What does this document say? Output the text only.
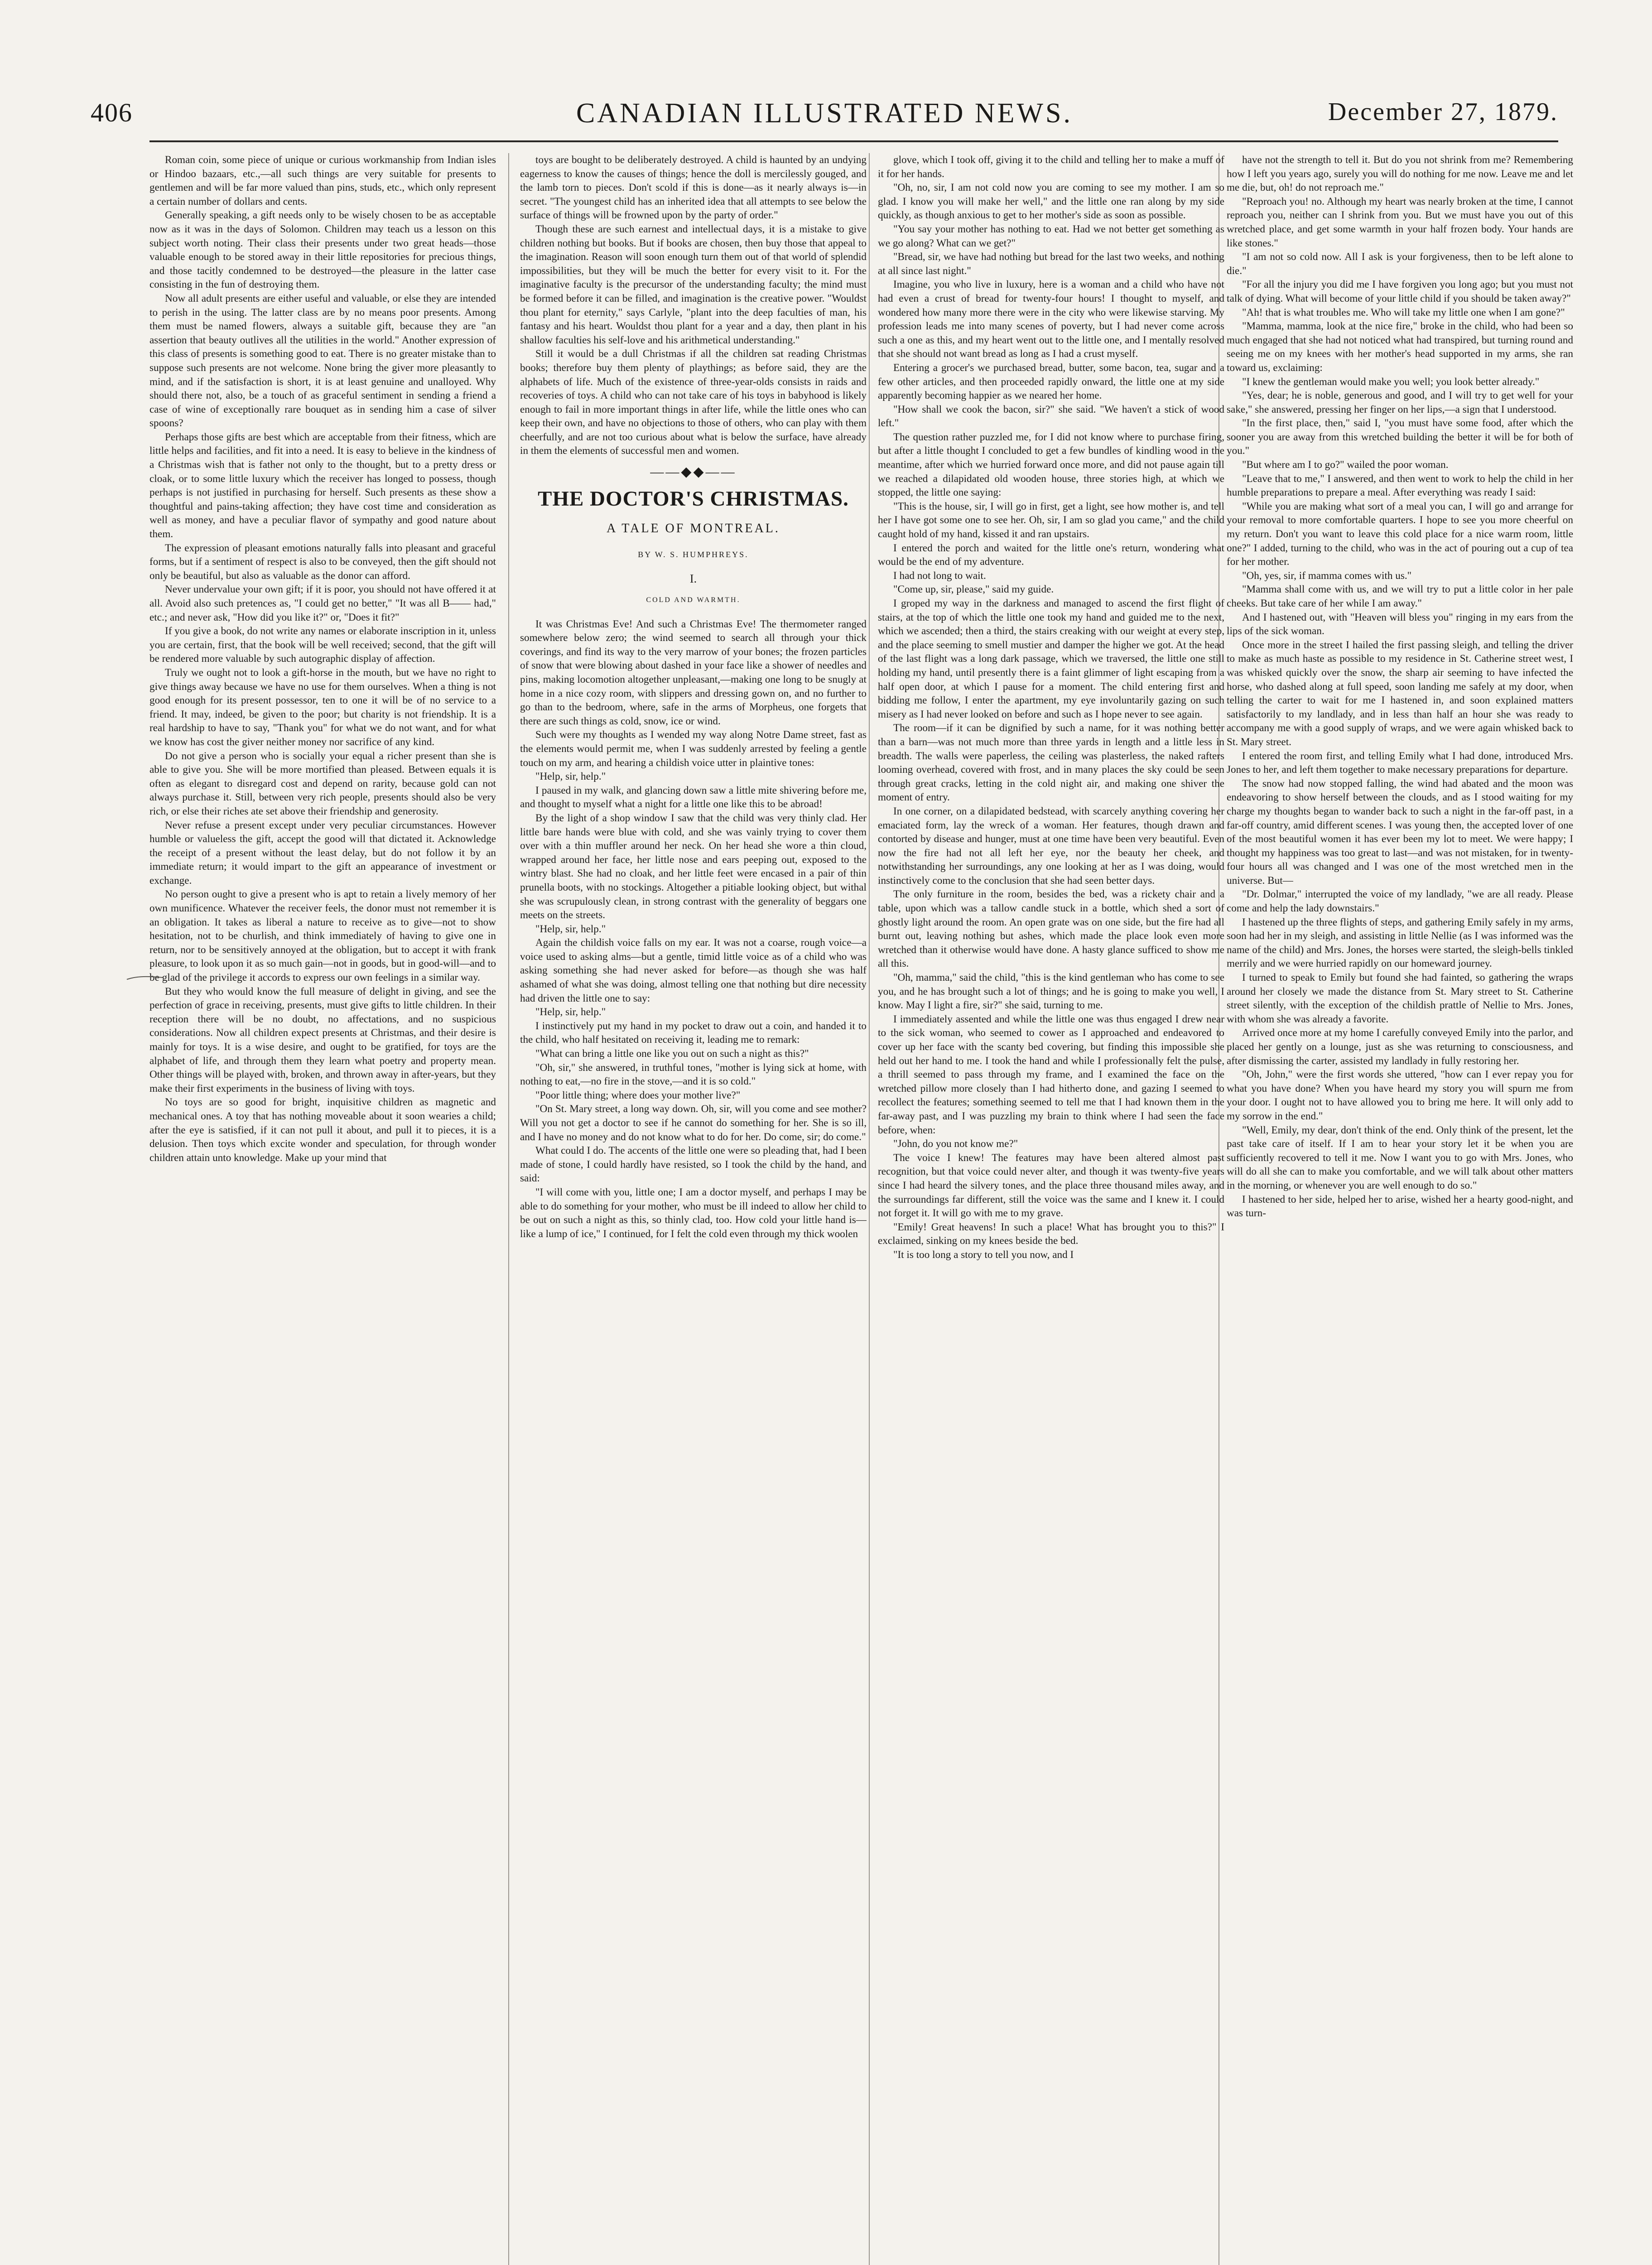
406	CANADIAN ILLUSTRATED NEWS.	December 27, 1879.

Roman coin, some piece of unique or curious workmanship from Indian isles or Hindoo bazaars, etc.,—all such things are very suitable for presents to gentlemen and will be far more valued than pins, studs, etc., which only represent a certain number of dollars and cents.

Generally speaking, a gift needs only to be wisely chosen to be as acceptable now as it was in the days of Solomon. Children may teach us a lesson on this subject worth noting. Their class their presents under two great heads—those valuable enough to be stored away in their little repositories for precious things, and those tacitly condemned to be destroyed—the pleasure in the latter case consisting in the fun of destroying them.

Now all adult presents are either useful and valuable, or else they are intended to perish in the using. The latter class are by no means poor presents. Among them must be named flowers, always a suitable gift, because they are "an assertion that beauty outlives all the utilities in the world." Another expression of this class of presents is something good to eat. There is no greater mistake than to suppose such presents are not welcome. None bring the giver more pleasantly to mind, and if the satisfaction is short, it is at least genuine and unalloyed. Why should there not, also, be a touch of as graceful sentiment in sending a friend a case of wine of exceptionally rare bouquet as in sending him a case of silver spoons?

Perhaps those gifts are best which are acceptable from their fitness, which are little helps and facilities, and fit into a need. It is easy to believe in the kindness of a Christmas wish that is father not only to the thought, but to a pretty dress or cloak, or to some little luxury which the receiver has longed to possess, though perhaps is not justified in purchasing for herself. Such presents as these show a thoughtful and pains-taking affection; they have cost time and consideration as well as money, and have a peculiar flavor of sympathy and good nature about them.

The expression of pleasant emotions naturally falls into pleasant and graceful forms, but if a sentiment of respect is also to be conveyed, then the gift should not only be beautiful, but also as valuable as the donor can afford.

Never undervalue your own gift; if it is poor, you should not have offered it at all. Avoid also such pretences as, "I could get no better," "It was all B—— had," etc.; and never ask, "How did you like it?" or, "Does it fit?"

If you give a book, do not write any names or elaborate inscription in it, unless you are certain, first, that the book will be well received; second, that the gift will be rendered more valuable by such autographic display of affection.

Truly we ought not to look a gift-horse in the mouth, but we have no right to give things away because we have no use for them ourselves. When a thing is not good enough for its present possessor, ten to one it will be of no service to a friend. It may, indeed, be given to the poor; but charity is not friendship. It is a real hardship to have to say, "Thank you" for what we do not want, and for what we know has cost the giver neither money nor sacrifice of any kind.

Do not give a person who is socially your equal a richer present than she is able to give you. She will be more mortified than pleased. Between equals it is often as elegant to disregard cost and depend on rarity, because gold can not always purchase it. Still, between very rich people, presents should also be very rich, or else their riches ate set above their friendship and generosity.

Never refuse a present except under very peculiar circumstances. However humble or valueless the gift, accept the good will that dictated it. Acknowledge the receipt of a present without the least delay, but do not follow it by an immediate return; it would impart to the gift an appearance of investment or exchange.

No person ought to give a present who is apt to retain a lively memory of her own munificence. Whatever the receiver feels, the donor must not remember it is an obligation. It takes as liberal a nature to receive as to give—not to show hesitation, not to be churlish, and think immediately of having to give one in return, nor to be sensitively annoyed at the obligation, but to accept it with frank pleasure, to look upon it as so much gain—not in goods, but in good-will—and to be glad of the privilege it accords to express our own feelings in a similar way.

But they who would know the full measure of delight in giving, and see the perfection of grace in receiving, presents, must give gifts to little children. In their reception there will be no doubt, no affectations, and no suspicious considerations. Now all children expect presents at Christmas, and their desire is mainly for toys. It is a wise desire, and ought to be gratified, for toys are the alphabet of life, and through them they learn what poetry and property mean. Other things will be played with, broken, and thrown away in after-years, but they make their first experiments in the business of living with toys.

No toys are so good for bright, inquisitive children as magnetic and mechanical ones. A toy that has nothing moveable about it soon wearies a child; after the eye is satisfied, if it can not pull it about, and pull it to pieces, it is a delusion. Then toys which excite wonder and speculation, for through wonder children attain unto knowledge. Make up your mind that

toys are bought to be deliberately destroyed. A child is haunted by an undying eagerness to know the causes of things; hence the doll is mercilessly gouged, and the lamb torn to pieces. Don't scold if this is done—as it nearly always is—in secret. "The youngest child has an inherited idea that all attempts to see below the surface of things will be frowned upon by the party of order."

Though these are such earnest and intellectual days, it is a mistake to give children nothing but books. But if books are chosen, then buy those that appeal to the imagination. Reason will soon enough turn them out of that world of splendid impossibilities, but they will be much the better for every visit to it. For the imaginative faculty is the precursor of the understanding faculty; the mind must be formed before it can be filled, and imagination is the creative power. "Wouldst thou plant for eternity," says Carlyle, "plant into the deep faculties of man, his fantasy and his heart. Wouldst thou plant for a year and a day, then plant in his shallow faculties his self-love and his arithmetical understanding."

Still it would be a dull Christmas if all the children sat reading Christmas books; therefore buy them plenty of playthings; as before said, they are the alphabets of life. Much of the existence of three-year-olds consists in raids and recoveries of toys. A child who can not take care of his toys in babyhood is likely enough to fail in more important things in after life, while the little ones who can keep their own, and have no objections to those of others, who can play with them cheerfully, and are not too curious about what is below the surface, have already in them the elements of successful men and women.

——◆◆——
THE DOCTOR'S CHRISTMAS.
A TALE OF MONTREAL.
BY W. S. HUMPHREYS.
I.
COLD AND WARMTH.

It was Christmas Eve! And such a Christmas Eve! The thermometer ranged somewhere below zero; the wind seemed to search all through your thick coverings, and find its way to the very marrow of your bones; the frozen particles of snow that were blowing about dashed in your face like a shower of needles and pins, making locomotion altogether unpleasant,—making one long to be snugly at home in a nice cozy room, with slippers and dressing gown on, and no further to go than to the bedroom, where, safe in the arms of Morpheus, one forgets that there are such things as cold, snow, ice or wind.

Such were my thoughts as I wended my way along Notre Dame street, fast as the elements would permit me, when I was suddenly arrested by feeling a gentle touch on my arm, and hearing a childish voice utter in plaintive tones:

"Help, sir, help."

I paused in my walk, and glancing down saw a little mite shivering before me, and thought to myself what a night for a little one like this to be abroad!

By the light of a shop window I saw that the child was very thinly clad. Her little bare hands were blue with cold, and she was vainly trying to cover them over with a thin muffler around her neck. On her head she wore a thin cloud, wrapped around her face, her little nose and ears peeping out, exposed to the wintry blast. She had no cloak, and her little feet were encased in a pair of thin prunella boots, with no stockings. Altogether a pitiable looking object, but withal she was scrupulously clean, in strong contrast with the generality of beggars one meets on the streets.

"Help, sir, help."

Again the childish voice falls on my ear. It was not a coarse, rough voice—a voice used to asking alms—but a gentle, timid little voice as of a child who was asking something she had never asked for before—as though she was half ashamed of what she was doing, almost telling one that nothing but dire necessity had driven the little one to say:

"Help, sir, help."

I instinctively put my hand in my pocket to draw out a coin, and handed it to the child, who half hesitated on receiving it, leading me to remark:

"What can bring a little one like you out on such a night as this?"

"Oh, sir," she answered, in truthful tones, "mother is lying sick at home, with nothing to eat,—no fire in the stove,—and it is so cold."

"Poor little thing; where does your mother live?"

"On St. Mary street, a long way down. Oh, sir, will you come and see mother? Will you not get a doctor to see if he cannot do something for her. She is so ill, and I have no money and do not know what to do for her. Do come, sir; do come."

What could I do. The accents of the little one were so pleading that, had I been made of stone, I could hardly have resisted, so I took the child by the hand, and said:

"I will come with you, little one; I am a doctor myself, and perhaps I may be able to do something for your mother, who must be ill indeed to allow her child to be out on such a night as this, so thinly clad, too. How cold your little hand is—like a lump of ice," I continued, for I felt the cold even through my thick woolen

glove, which I took off, giving it to the child and telling her to make a muff of it for her hands.

"Oh, no, sir, I am not cold now you are coming to see my mother. I am so glad. I know you will make her well," and the little one ran along by my side quickly, as though anxious to get to her mother's side as soon as possible.

"You say your mother has nothing to eat. Had we not better get something as we go along? What can we get?"

"Bread, sir, we have had nothing but bread for the last two weeks, and nothing at all since last night."

Imagine, you who live in luxury, here is a woman and a child who have not had even a crust of bread for twenty-four hours! I thought to myself, and wondered how many more there were in the city who were likewise starving. My profession leads me into many scenes of poverty, but I had never come across such a one as this, and my heart went out to the little one, and I mentally resolved that she should not want bread as long as I had a crust myself.

Entering a grocer's we purchased bread, butter, some bacon, tea, sugar and a few other articles, and then proceeded rapidly onward, the little one at my side apparently becoming happier as we neared her home.

"How shall we cook the bacon, sir?" she said. "We haven't a stick of wood left."

The question rather puzzled me, for I did not know where to purchase firing, but after a little thought I concluded to get a few bundles of kindling wood in the meantime, after which we hurried forward once more, and did not pause again till we reached a dilapidated old wooden house, three stories high, at which we stopped, the little one saying:

"This is the house, sir, I will go in first, get a light, see how mother is, and tell her I have got some one to see her. Oh, sir, I am so glad you came," and the child caught hold of my hand, kissed it and ran upstairs.

I entered the porch and waited for the little one's return, wondering what would be the end of my adventure.

I had not long to wait.

"Come up, sir, please," said my guide.

I groped my way in the darkness and managed to ascend the first flight of stairs, at the top of which the little one took my hand and guided me to the next, which we ascended; then a third, the stairs creaking with our weight at every step, and the place seeming to smell mustier and damper the higher we got. At the head of the last flight was a long dark passage, which we traversed, the little one still holding my hand, until presently there is a faint glimmer of light escaping from a half open door, at which I pause for a moment. The child entering first and bidding me follow, I enter the apartment, my eye involuntarily gazing on such misery as I had never looked on before and such as I hope never to see again.

The room—if it can be dignified by such a name, for it was nothing better than a barn—was not much more than three yards in length and a little less in breadth. The walls were paperless, the ceiling was plasterless, the naked rafters looming overhead, covered with frost, and in many places the sky could be seen through great cracks, letting in the cold night air, and making one shiver the moment of entry.

In one corner, on a dilapidated bedstead, with scarcely anything covering her emaciated form, lay the wreck of a woman. Her features, though drawn and contorted by disease and hunger, must at one time have been very beautiful. Even now the fire had not all left her eye, nor the beauty her cheek, and notwithstanding her surroundings, any one looking at her as I was doing, would instinctively come to the conclusion that she had seen better days.

The only furniture in the room, besides the bed, was a rickety chair and a table, upon which was a tallow candle stuck in a bottle, which shed a sort of ghostly light around the room. An open grate was on one side, but the fire had all burnt out, leaving nothing but ashes, which made the place look even more wretched than it otherwise would have done. A hasty glance sufficed to show me all this.

"Oh, mamma," said the child, "this is the kind gentleman who has come to see you, and he has brought such a lot of things; and he is going to make you well, I know. May I light a fire, sir?" she said, turning to me.

I immediately assented and while the little one was thus engaged I drew near to the sick woman, who seemed to cower as I approached and endeavored to cover up her face with the scanty bed covering, but finding this impossible she held out her hand to me. I took the hand and while I professionally felt the pulse, a thrill seemed to pass through my frame, and I examined the face on the wretched pillow more closely than I had hitherto done, and gazing I seemed to recollect the features; something seemed to tell me that I had known them in the far-away past, and I was puzzling my brain to think where I had seen the face before, when:

"John, do you not know me?"

The voice I knew! The features may have been altered almost past recognition, but that voice could never alter, and though it was twenty-five years since I had heard the silvery tones, and the place three thousand miles away, and the surroundings far different, still the voice was the same and I knew it. I could not forget it. It will go with me to my grave.

"Emily! Great heavens! In such a place! What has brought you to this?" I exclaimed, sinking on my knees beside the bed.

"It is too long a story to tell you now, and I

have not the strength to tell it. But do you not shrink from me? Remembering how I left you years ago, surely you will do nothing for me now. Leave me and let me die, but, oh! do not reproach me."

"Reproach you! no. Although my heart was nearly broken at the time, I cannot reproach you, neither can I shrink from you. But we must have you out of this wretched place, and get some warmth in your half frozen body. Your hands are like stones."

"I am not so cold now. All I ask is your forgiveness, then to be left alone to die."

"For all the injury you did me I have forgiven you long ago; but you must not talk of dying. What will become of your little child if you should be taken away?"

"Ah! that is what troubles me. Who will take my little one when I am gone?"

"Mamma, mamma, look at the nice fire," broke in the child, who had been so much engaged that she had not noticed what had transpired, but turning round and seeing me on my knees with her mother's head supported in my arms, she ran toward us, exclaiming:

"I knew the gentleman would make you well; you look better already."

"Yes, dear; he is noble, generous and good, and I will try to get well for your sake," she answered, pressing her finger on her lips,—a sign that I understood.

"In the first place, then," said I, "you must have some food, after which the sooner you are away from this wretched building the better it will be for both of you."

"But where am I to go?" wailed the poor woman.

"Leave that to me," I answered, and then went to work to help the child in her humble preparations to prepare a meal. After everything was ready I said:

"While you are making what sort of a meal you can, I will go and arrange for your removal to more comfortable quarters. I hope to see you more cheerful on my return. Don't you want to leave this cold place for a nice warm room, little one?" I added, turning to the child, who was in the act of pouring out a cup of tea for her mother.

"Oh, yes, sir, if mamma comes with us."

"Mamma shall come with us, and we will try to put a little color in her pale cheeks. But take care of her while I am away."

And I hastened out, with "Heaven will bless you" ringing in my ears from the lips of the sick woman.

Once more in the street I hailed the first passing sleigh, and telling the driver to make as much haste as possible to my residence in St. Catherine street west, I was whisked quickly over the snow, the sharp air seeming to have infected the horse, who dashed along at full speed, soon landing me safely at my door, when telling the carter to wait for me I hastened in, and soon explained matters satisfactorily to my landlady, and in less than half an hour she was ready to accompany me with a good supply of wraps, and we were again whisked back to St. Mary street.

I entered the room first, and telling Emily what I had done, introduced Mrs. Jones to her, and left them together to make necessary preparations for departure.

The snow had now stopped falling, the wind had abated and the moon was endeavoring to show herself between the clouds, and as I stood waiting for my charge my thoughts began to wander back to such a night in the far-off past, in a far-off country, amid different scenes. I was young then, the accepted lover of one of the most beautiful women it has ever been my lot to meet. We were happy; I thought my happiness was too great to last—and was not mistaken, for in twenty-four hours all was changed and I was one of the most wretched men in the universe. But—

"Dr. Dolmar," interrupted the voice of my landlady, "we are all ready. Please come and help the lady downstairs."

I hastened up the three flights of steps, and gathering Emily safely in my arms, soon had her in my sleigh, and assisting in little Nellie (as I was informed was the name of the child) and Mrs. Jones, the horses were started, the sleigh-bells tinkled merrily and we were hurried rapidly on our homeward journey.

I turned to speak to Emily but found she had fainted, so gathering the wraps around her closely we made the distance from St. Mary street to St. Catherine street silently, with the exception of the childish prattle of Nellie to Mrs. Jones, with whom she was already a favorite.

Arrived once more at my home I carefully conveyed Emily into the parlor, and placed her gently on a lounge, just as she was returning to consciousness, and after dismissing the carter, assisted my landlady in fully restoring her.

"Oh, John," were the first words she uttered, "how can I ever repay you for what you have done? When you have heard my story you will spurn me from your door. I ought not to have allowed you to bring me here. It will only add to my sorrow in the end."

"Well, Emily, my dear, don't think of the end. Only think of the present, let the past take care of itself. If I am to hear your story let it be when you are sufficiently recovered to tell it me. Now I want you to go with Mrs. Jones, who will do all she can to make you comfortable, and we will talk about other matters in the morning, or whenever you are well enough to do so."

I hastened to her side, helped her to arise, wished her a hearty good-night, and was turn-
